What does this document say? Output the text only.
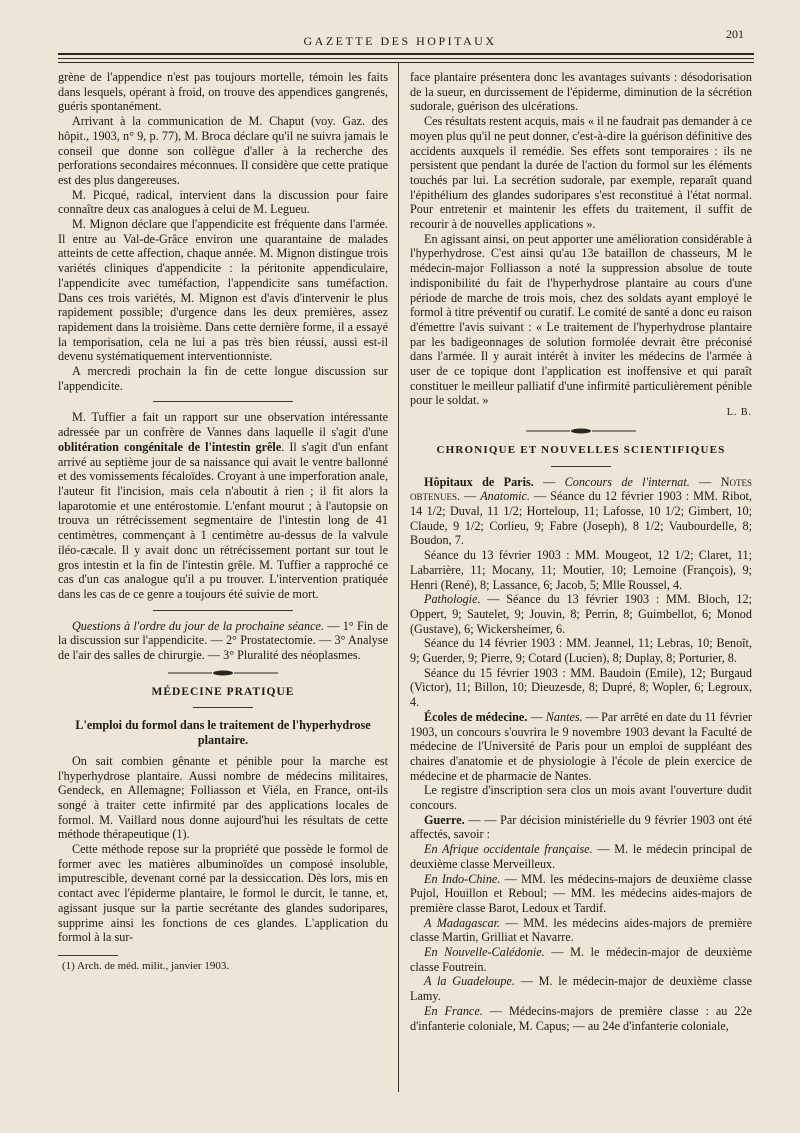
201
GAZETTE DES HOPITAUX

grène de l'appendice n'est pas toujours mortelle, témoin les faits dans lesquels, opérant à froid, on trouve des appendices gangrenés, guéris spontanément.

Arrivant à la communication de M. Chaput (voy. Gaz. des hôpit., 1903, n° 9, p. 77), M. Broca déclare qu'il ne suivra jamais le conseil que donne son collègue d'aller à la recherche des perforations secondaires méconnues. Il considère que cette pratique est des plus dangereuses.

M. Picqué, radical, intervient dans la discussion pour faire connaître deux cas analogues à celui de M. Legueu.

M. Mignon déclare que l'appendicite est fréquente dans l'armée. Il entre au Val-de-Grâce environ une quarantaine de malades atteints de cette affection, chaque année. M. Mignon distingue trois variétés cliniques d'appendicite : la péritonite appendiculaire, l'appendicite avec tuméfaction, l'appendicite sans tuméfaction. Dans ces trois variétés, M. Mignon est d'avis d'intervenir le plus rapidement possible; d'urgence dans les deux premières, assez rapidement dans la troisième. Dans cette dernière forme, il a essayé la temporisation, cela ne lui a pas très bien réussi, aussi est-il devenu systématiquement interventionniste.

A mercredi prochain la fin de cette longue discussion sur l'appendicite.

M. Tuffier a fait un rapport sur une observation intéressante adressée par un confrère de Vannes dans laquelle il s'agit d'une oblitération congénitale de l'intestin grêle. Il s'agit d'un enfant arrivé au septième jour de sa naissance qui avait le ventre ballonné et des vomissements fécaloïdes. Croyant à une imperforation anale, l'auteur fit l'incision, mais cela n'aboutit à rien ; il fit alors la laparotomie et une entérostomie. L'enfant mourut ; à l'autopsie on trouva un rétrécissement segmentaire de l'intestin long de 41 centimètres, commençant à 1 centimètre au-dessus de la valvule iléo-cæcale. Il y avait donc un rétrécissement portant sur tout le gros intestin et la fin de l'intestin grêle. M. Tuffier a rapproché ce cas d'un cas analogue qu'il a pu trouver. L'intervention pratiquée dans les cas de ce genre a toujours été suivie de mort.

Questions à l'ordre du jour de la prochaine séance. — 1° Fin de la discussion sur l'appendicite. — 2° Prostatectomie. — 3° Analyse de l'air des salles de chirurgie. — 3° Pluralité des néoplasmes.

MÉDECINE PRATIQUE
L'emploi du formol dans le traitement de l'hyperhydrose plantaire.

On sait combien gênante et pénible pour la marche est l'hyperhydrose plantaire. Aussi nombre de médecins militaires, Gendeck, en Allemagne; Folliasson et Viéla, en France, ont-ils songé à traiter cette infirmité par des applications locales de formol. M. Vaillard nous donne aujourd'hui les résultats de cette méthode thérapeutique (1).

Cette méthode repose sur la propriété que possède le formol de former avec les matières albuminoïdes un composé insoluble, imputrescible, devenant corné par la dessiccation. Dès lors, mis en contact avec l'épiderme plantaire, le formol le durcit, le tanne, et, agissant jusque sur la partie secrétante des glandes sudoripares, supprime ainsi les fonctions de ces glandes. L'application du formol à la sur-

(1) Arch. de méd. milit., janvier 1903.

face plantaire présentera donc les avantages suivants : désodorisation de la sueur, en durcissement de l'épiderme, diminution de la sécrétion sudorale, guérison des ulcérations.

Ces résultats restent acquis, mais « il ne faudrait pas demander à ce moyen plus qu'il ne peut donner, c'est-à-dire la guérison définitive des accidents auxquels il remédie. Ses effets sont temporaires : ils ne persistent que pendant la durée de l'action du formol sur les éléments touchés par lui. La secrétion sudorale, par exemple, reparaît quand l'épithélium des glandes sudoripares s'est reconstitué à l'état normal. Pour entretenir et maintenir les effets du traitement, il suffit de recourir à de nouvelles applications ».

En agissant ainsi, on peut apporter une amélioration considérable à l'hyperhydrose. C'est ainsi qu'au 13e bataillon de chasseurs, M le médecin-major Folliasson a noté la suppression absolue de toute indisponibilité du fait de l'hyperhydrose plantaire au cours d'une période de marche de trois mois, chez des soldats ayant employé le formol à titre préventif ou curatif. Le comité de santé a donc eu raison d'émettre l'avis suivant : « Le traitement de l'hyperhydrose plantaire par les badigeonnages de solution formolée devrait être préconisé dans l'armée. Il y aurait intérêt à inviter les médecins de l'armée à user de ce topique dont l'application est inoffensive et qui paraît constituer le meilleur palliatif d'une infirmité particulièrement pénible pour le soldat. »

L. B.
CHRONIQUE ET NOUVELLES SCIENTIFIQUES

Hôpitaux de Paris. — Concours de l'internat. — Notes obtenues. — Anatomic. — Séance du 12 février 1903 : MM. Ribot, 14 1/2; Duval, 11 1/2; Horteloup, 11; Lafosse, 10 1/2; Gimbert, 10; Claude, 9 1/2; Corlieu, 9; Fabre (Joseph), 8 1/2; Vaubourdelle, 8; Boudon, 7.

Séance du 13 février 1903 : MM. Mougeot, 12 1/2; Claret, 11; Labarrière, 11; Mocany, 11; Moutier, 10; Lemoine (François), 9; Henri (René), 8; Lassance, 6; Jacob, 5; Mlle Roussel, 4.

Pathologie. — Séance du 13 février 1903 : MM. Bloch, 12; Oppert, 9; Sautelet, 9; Jouvin, 8; Perrin, 8; Guimbellot, 6; Monod (Gustave), 6; Wickersheimer, 6.

Séance du 14 février 1903 : MM. Jeannel, 11; Lebras, 10; Benoît, 9; Guerder, 9; Pierre, 9; Cotard (Lucien), 8; Duplay, 8; Porturier, 8.

Séance du 15 février 1903 : MM. Baudoin (Emile), 12; Burgaud (Victor), 11; Billon, 10; Dieuzesde, 8; Dupré, 8; Wopler, 6; Legroux, 4.

Écoles de médecine. — Nantes. — Par arrêté en date du 11 février 1903, un concours s'ouvrira le 9 novembre 1903 devant la Faculté de médecine de l'Université de Paris pour un emploi de suppléant des chaires d'anatomie et de physiologie à l'école de plein exercice de médecine et de pharmacie de Nantes.

Le registre d'inscription sera clos un mois avant l'ouverture dudit concours.

Guerre. — — Par décision ministérielle du 9 février 1903 ont été affectés, savoir :

En Afrique occidentale française. — M. le médecin principal de deuxième classe Merveilleux.

En Indo-Chine. — MM. les médecins-majors de deuxième classe Pujol, Houillon et Reboul; — MM. les médecins aides-majors de première classe Barot, Ledoux et Tardif.

A Madagascar. — MM. les médecins aides-majors de première classe Martin, Grilliat et Navarre.

En Nouvelle-Calédonie. — M. le médecin-major de deuxième classe Foutrein.

A la Guadeloupe. — M. le médecin-major de deuxième classe Lamy.

En France. — Médecins-majors de première classe : au 22e d'infanterie coloniale, M. Capus; — au 24e d'infanterie coloniale,
